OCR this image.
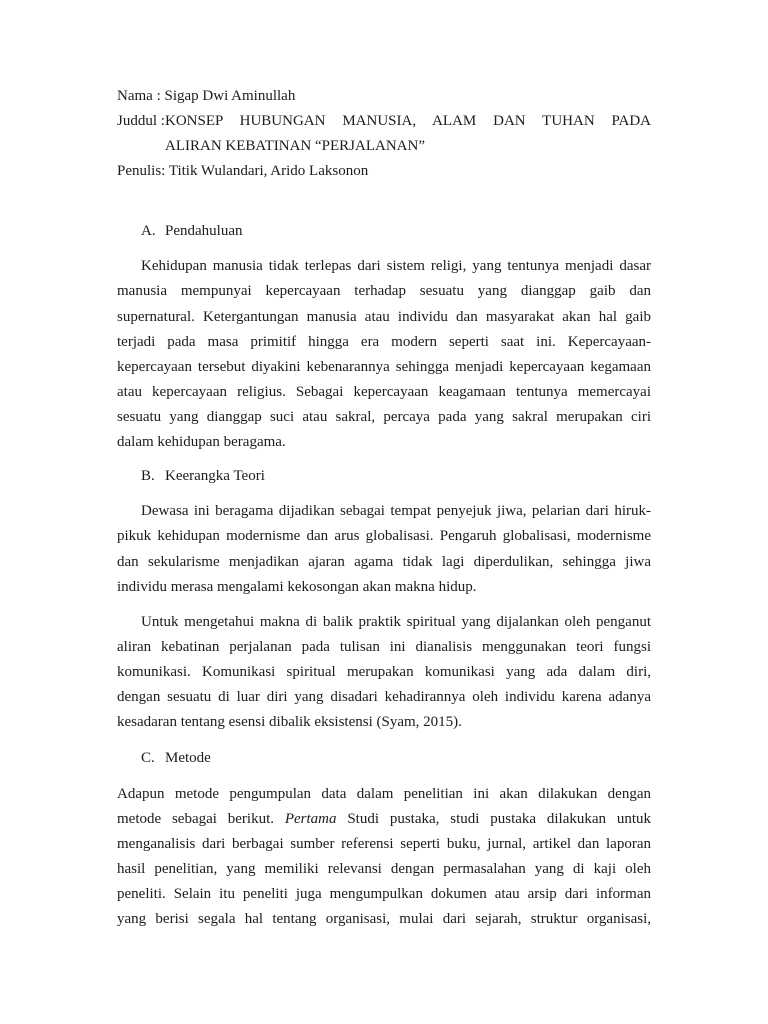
Nama : Sigap Dwi Aminullah
Juddul : KONSEP HUBUNGAN MANUSIA, ALAM DAN TUHAN PADA
ALIRAN KEBATINAN “PERJALANAN”
Penulis: Titik Wulandari, Arido Laksonon
A. Pendahuluan
Kehidupan manusia tidak terlepas dari sistem religi, yang tentunya menjadi dasar
manusia mempunyai kepercayaan terhadap sesuatu yang dianggap gaib dan
supernatural. Ketergantungan manusia atau individu dan masyarakat akan hal gaib
terjadi pada masa primitif hingga era modern seperti saat ini. Kepercayaan-
kepercayaan tersebut diyakini kebenarannya sehingga menjadi kepercayaan kegamaan
atau kepercayaan religius. Sebagai kepercayaan keagamaan tentunya memercayai
sesuatu yang dianggap suci atau sakral, percaya pada yang sakral merupakan ciri
dalam kehidupan beragama.
B. Keerangka Teori
Dewasa ini beragama dijadikan sebagai tempat penyejuk jiwa, pelarian dari hiruk-
pikuk kehidupan modernisme dan arus globalisasi. Pengaruh globalisasi, modernisme
dan sekularisme menjadikan ajaran agama tidak lagi diperdulikan, sehingga jiwa
individu merasa mengalami kekosongan akan makna hidup.
Untuk mengetahui makna di balik praktik spiritual yang dijalankan oleh penganut
aliran kebatinan perjalanan pada tulisan ini dianalisis menggunakan teori fungsi
komunikasi. Komunikasi spiritual merupakan komunikasi yang ada dalam diri,
dengan sesuatu di luar diri yang disadari kehadirannya oleh individu karena adanya
kesadaran tentang esensi dibalik eksistensi (Syam, 2015).
C. Metode
Adapun metode pengumpulan data dalam penelitian ini akan dilakukan dengan
metode sebagai berikut. Pertama Studi pustaka, studi pustaka dilakukan untuk
menganalisis dari berbagai sumber referensi seperti buku, jurnal, artikel dan laporan
hasil penelitian, yang memiliki relevansi dengan permasalahan yang di kaji oleh
peneliti. Selain itu peneliti juga mengumpulkan dokumen atau arsip dari informan
yang berisi segala hal tentang organisasi, mulai dari sejarah, struktur organisasi,
